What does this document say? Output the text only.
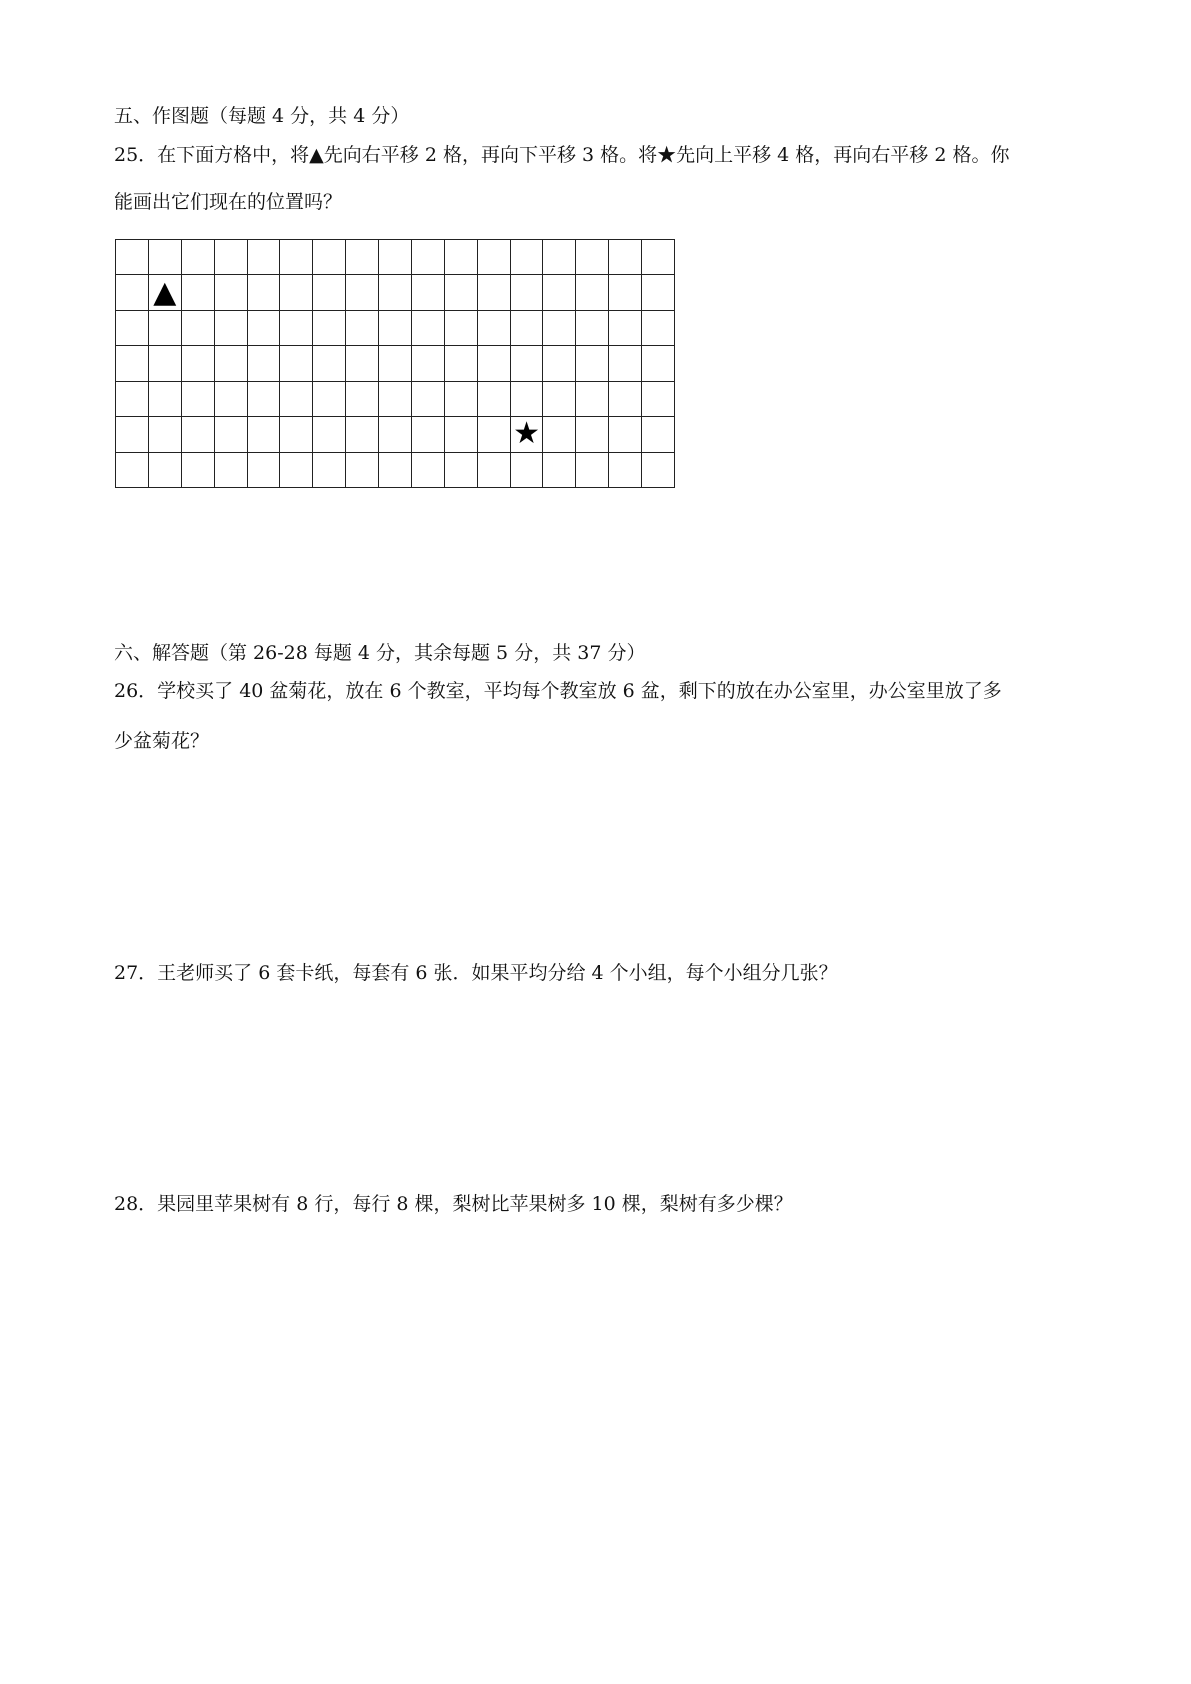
五、作图题（每题 4 分，共 4 分）
25．在下面方格中，将▲先向右平移 2 格，再向下平移 3 格。将★先向上平移 4 格，再向右平移 2 格。你
能画出它们现在的位置吗？
▲
★
六、解答题（第 26-28 每题 4 分，其余每题 5 分，共 37 分）
26．学校买了 40 盆菊花，放在 6 个教室，平均每个教室放 6 盆，剩下的放在办公室里，办公室里放了多
少盆菊花？
27．王老师买了 6 套卡纸，每套有 6 张．如果平均分给 4 个小组，每个小组分几张？
28．果园里苹果树有 8 行，每行 8 棵，梨树比苹果树多 10 棵，梨树有多少棵？
